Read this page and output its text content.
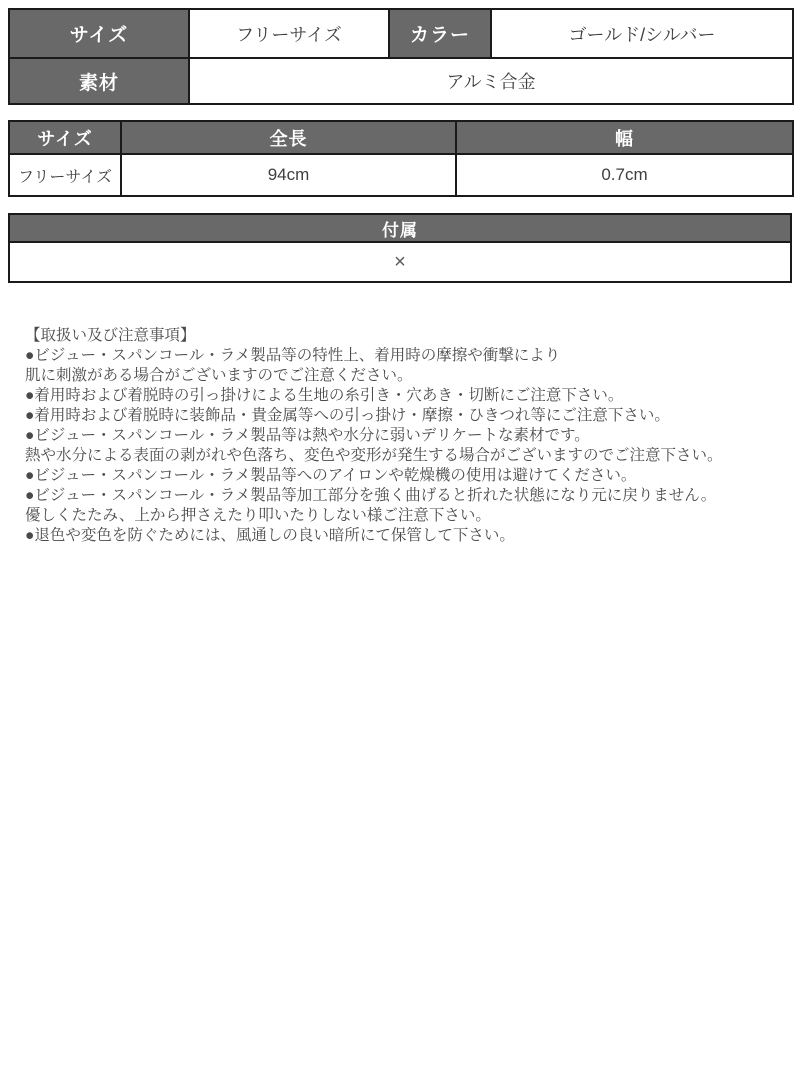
サイズ	フリーサイズ	カラー	ゴールド/シルバー
素材	アルミ合金		
サイズ	全長	幅
フリーサイズ	94cm	0.7cm
付属
×
【取扱い及び注意事項】
●ビジュー・スパンコール・ラメ製品等の特性上、着用時の摩擦や衝撃により
肌に刺激がある場合がございますのでご注意ください。
●着用時および着脱時の引っ掛けによる生地の糸引き・穴あき・切断にご注意下さい。
●着用時および着脱時に装飾品・貴金属等への引っ掛け・摩擦・ひきつれ等にご注意下さい。
●ビジュー・スパンコール・ラメ製品等は熱や水分に弱いデリケートな素材です。
熱や水分による表面の剥がれや色落ち、変色や変形が発生する場合がございますのでご注意下さい。
●ビジュー・スパンコール・ラメ製品等へのアイロンや乾燥機の使用は避けてください。
●ビジュー・スパンコール・ラメ製品等加工部分を強く曲げると折れた状態になり元に戻りません。
優しくたたみ、上から押さえたり叩いたりしない様ご注意下さい。
●退色や変色を防ぐためには、風通しの良い暗所にて保管して下さい。
